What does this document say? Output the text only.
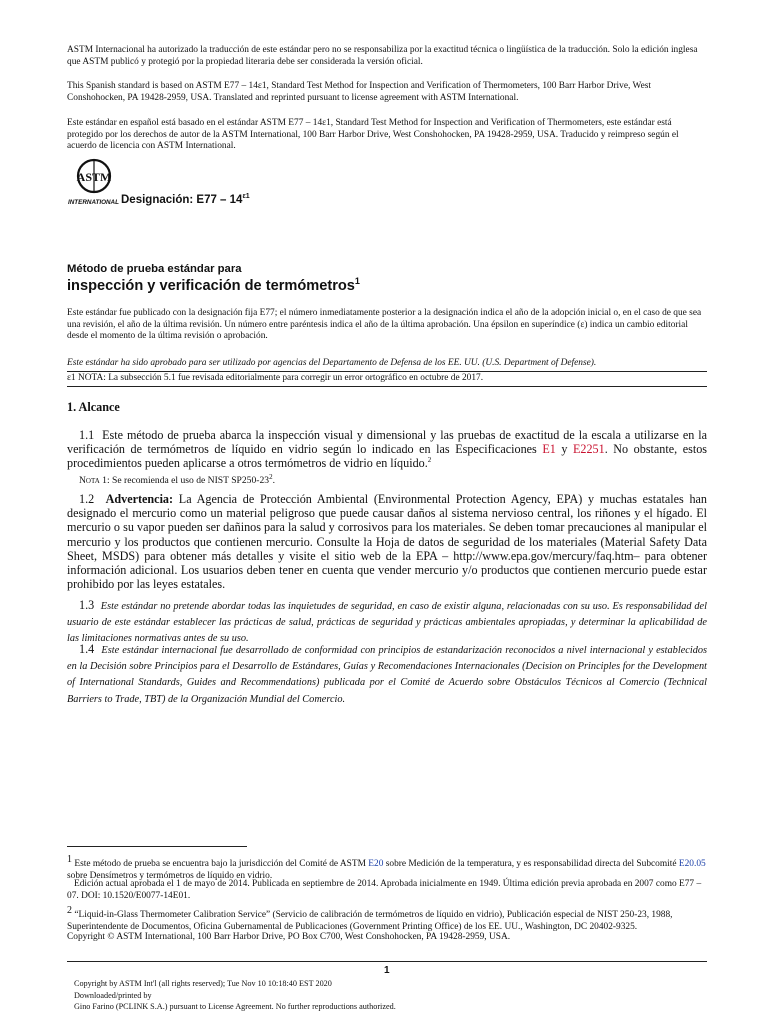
ASTM Internacional ha autorizado la traducción de este estándar pero no se responsabiliza por la exactitud técnica o lingüística de la traducción. Solo la edición inglesa que ASTM publicó y protegió por la propiedad literaria debe ser considerada la versión oficial.
This Spanish standard is based on ASTM E77 – 14ε1, Standard Test Method for Inspection and Verification of Thermometers, 100 Barr Harbor Drive, West Conshohocken, PA 19428-2959, USA. Translated and reprinted pursuant to license agreement with ASTM International.
Este estándar en español está basado en el estándar ASTM E77 – 14ε1, Standard Test Method for Inspection and Verification of Thermometers, este estándar está protegido por los derechos de autor de la ASTM International, 100 Barr Harbor Drive, West Conshohocken, PA 19428-2959, USA. Traducido y reimpreso según el acuerdo de licencia con ASTM International.
ASTM
INTERNATIONAL Designación: $E77 - 14^{\varepsilon 1}$
Método de prueba estándar para
inspección y verificación de termómetros$^1$
Este estándar fue publicado con la designación fija E77; el número inmediatamente posterior a la designación indica el año de la adopción inicial o, en el caso de que sea una revisión, el año de la última revisión. Un número entre paréntesis indica el año de la última aprobación. Una épsilon en superíndice (ε) indica un cambio editorial desde el momento de la última revisión o aprobación.
Este estándar ha sido aprobado para ser utilizado por agencias del Departamento de Defensa de los EE. UU. (U.S. Department of Defense).
ε1 NOTA: La subsección 5.1 fue revisada editorialmente para corregir un error ortográfico en octubre de 2017.
1. Alcance
1.1 Este método de prueba abarca la inspección visual y dimensional y las pruebas de exactitud de la escala a utilizarse en la verificación de termómetros de líquido en vidrio según lo indicado en las Especificaciones E1 y E2251. No obstante, estos procedimientos pueden aplicarse a otros termómetros de vidrio en líquido.$^2$
Nota 1: Se recomienda el uso de NIST $SP250-23^2$.
1.2 Advertencia: La Agencia de Protección Ambiental (Environmental Protection Agency, EPA) y muchas estatales han designado el mercurio como un material peligroso que puede causar daños al sistema nervioso central, los riñones y el hígado. El mercurio o su vapor pueden ser dañinos para la salud y corrosivos para los materiales. Se deben tomar precauciones al manipular el mercurio y los productos que contienen mercurio. Consulte la Hoja de datos de seguridad de los materiales (Material Safety Data Sheet, MSDS) para obtener más detalles y visite el sitio web de la EPA – http://www.epa.gov/mercury/faq.htm– para obtener información adicional. Los usuarios deben tener en cuenta que vender mercurio y/o productos que contienen mercurio puede estar prohibido por las leyes estatales.
1.3 Este estándar no pretende abordar todas las inquietudes de seguridad, en caso de existir alguna, relacionadas con su uso. Es responsabilidad del usuario de este estándar establecer las prácticas de salud, prácticas de seguridad y prácticas ambientales apropiadas, y determinar la aplicabilidad de las limitaciones normativas antes de su uso.
1.4 Este estándar internacional fue desarrollado de conformidad con principios de estandarización reconocidos a nivel internacional y establecidos en la Decisión sobre Principios para el Desarrollo de Estándares, Guías y Recomendaciones Internacionales (Decision on Principles for the Development of International Standards, Guides and Recommendations) publicada por el Comité de Acuerdo sobre Obstáculos Técnicos al Comercio (Technical Barriers to Trade, TBT) de la Organización Mundial del Comercio.
$^1$ Este método de prueba se encuentra bajo la jurisdicción del Comité de ASTM E20 sobre Medición de la temperatura, y es responsabilidad directa del Subcomité E20.05 sobre Densímetros y termómetros de líquido en vidrio.
Edición actual aprobada el 1 de mayo de 2014. Publicada en septiembre de 2014. Aprobada inicialmente en 1949. Última edición previa aprobada en 2007 como E77 – 07. DOI: 10.1520/E0077-14E01.
$^2$ “Liquid-in-Glass Thermometer Calibration Service” (Servicio de calibración de termómetros de líquido en vidrio), Publicación especial de NIST 250-23, 1988, Superintendente de Documentos, Oficina Gubernamental de Publicaciones (Government Printing Office) de los EE. UU., Washington, DC 20402-9325.
Copyright © ASTM International, 100 Barr Harbor Drive, PO Box C700, West Conshohocken, PA 19428-2959, USA.
1
Copyright by ASTM Int'l (all rights reserved); Tue Nov 10 10:18:40 EST 2020
Downloaded/printed by
Gino Farino (PCLINK S.A.) pursuant to License Agreement. No further reproductions authorized.
